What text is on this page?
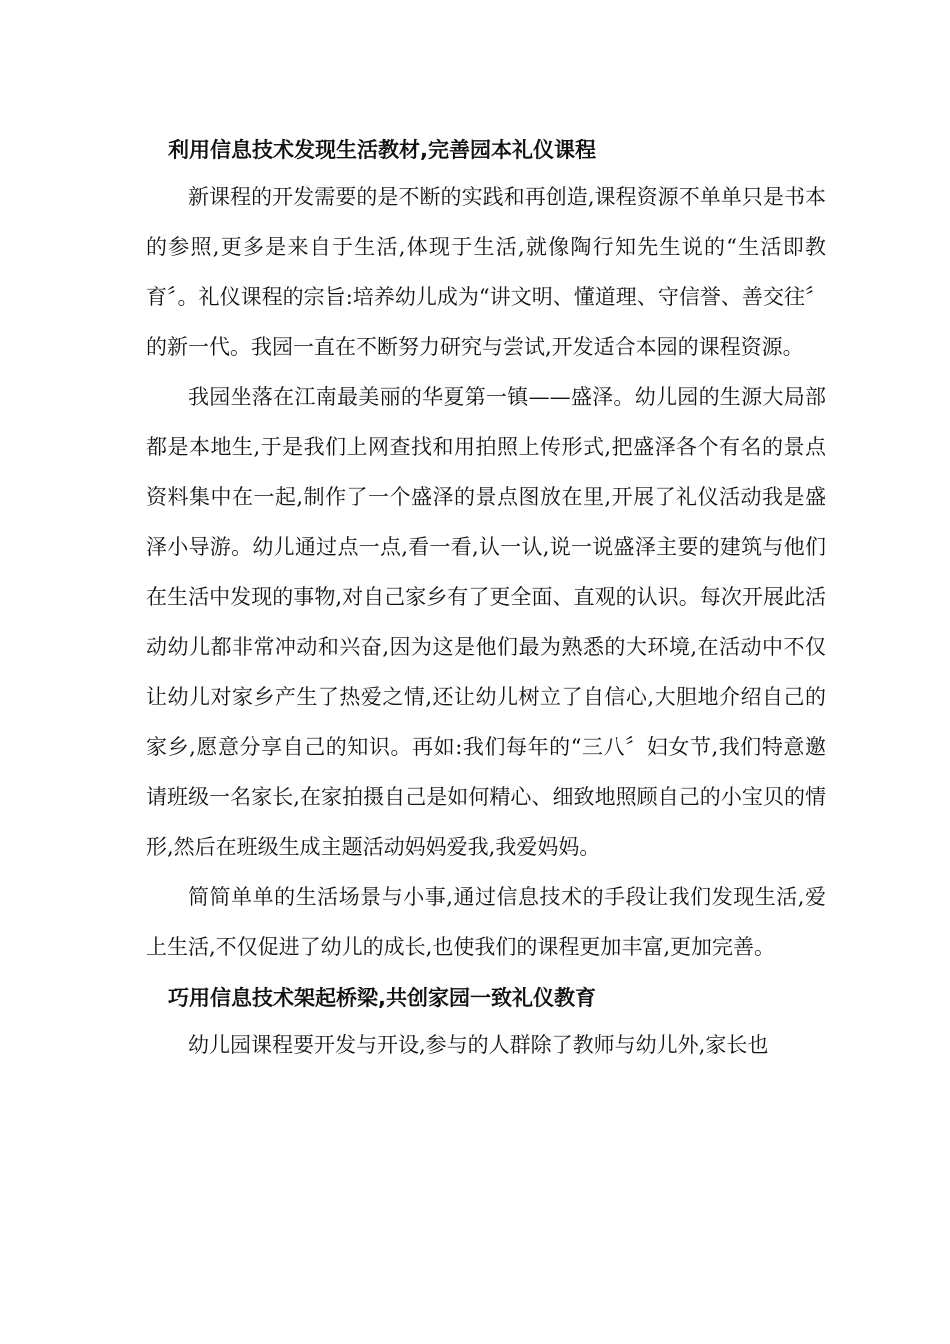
利用信息技术发现生活教材,完善园本礼仪课程

新课程的开发需要的是不断的实践和再创造,课程资源不单单只是书本的参照,更多是来自于生活,体现于生活,就像陶行知先生说的“生活即教育〞。礼仪课程的宗旨:培养幼儿成为“讲文明、懂道理、守信誉、善交往〞的新一代。我园一直在不断努力研究与尝试,开发适合本园的课程资源。

我园坐落在江南最美丽的华夏第一镇——盛泽。幼儿园的生源大局部都是本地生,于是我们上网查找和用拍照上传形式,把盛泽各个有名的景点资料集中在一起,制作了一个盛泽的景点图放在里,开展了礼仪活动我是盛泽小导游。幼儿通过点一点,看一看,认一认,说一说盛泽主要的建筑与他们在生活中发现的事物,对自己家乡有了更全面、直观的认识。每次开展此活动幼儿都非常冲动和兴奋,因为这是他们最为熟悉的大环境,在活动中不仅让幼儿对家乡产生了热爱之情,还让幼儿树立了自信心,大胆地介绍自己的家乡,愿意分享自己的知识。再如:我们每年的“三八〞妇女节,我们特意邀请班级一名家长,在家拍摄自己是如何精心、细致地照顾自己的小宝贝的情形,然后在班级生成主题活动妈妈爱我,我爱妈妈。

简简单单的生活场景与小事,通过信息技术的手段让我们发现生活,爱上生活,不仅促进了幼儿的成长,也使我们的课程更加丰富,更加完善。

巧用信息技术架起桥梁,共创家园一致礼仪教育

幼儿园课程要开发与开设,参与的人群除了教师与幼儿外,家长也
